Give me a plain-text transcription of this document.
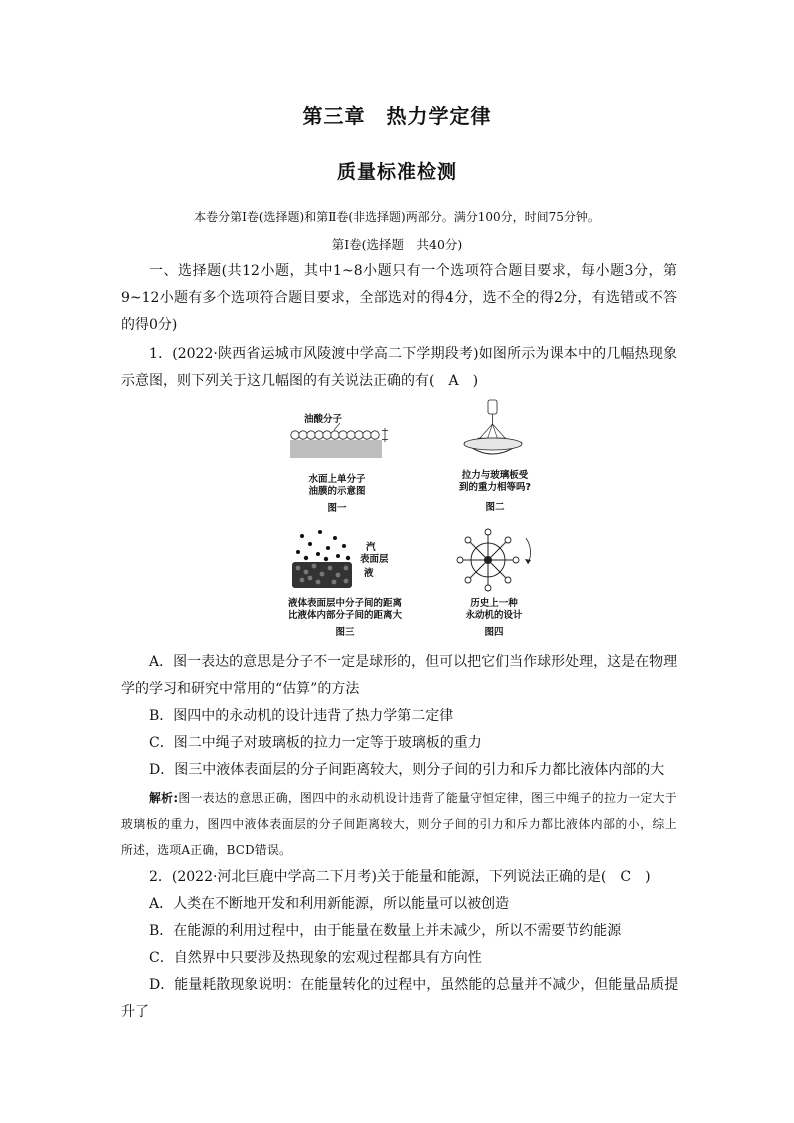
第三章　热力学定律
质量标准检测
本卷分第Ⅰ卷(选择题)和第Ⅱ卷(非选择题)两部分。满分100分，时间75分钟。
第Ⅰ卷(选择题　共40分)
一、选择题(共12小题，其中1~8小题只有一个选项符合题目要求，每小题3分，第9~12小题有多个选项符合题目要求，全部选对的得4分，选不全的得2分，有选错或不答的得0分)
1．(2022·陕西省运城市风陵渡中学高二下学期段考)如图所示为课本中的几幅热现象示意图，则下列关于这几幅图的有关说法正确的有(　A　)
油酸分子
水面上单分子
油膜的示意图
图一
拉力与玻璃板受
到的重力相等吗?
图二
汽
表面层
液
液体表面层中分子间的距离
比液体内部分子间的距离大
图三
历史上一种
永动机的设计
图四
A．图一表达的意思是分子不一定是球形的，但可以把它们当作球形处理，这是在物理
学的学习和研究中常用的“估算”的方法
B．图四中的永动机的设计违背了热力学第二定律
C．图二中绳子对玻璃板的拉力一定等于玻璃板的重力
D．图三中液体表面层的分子间距离较大，则分子间的引力和斥力都比液体内部的大
解析:图一表达的意思正确，图四中的永动机设计违背了能量守恒定律，图三中绳子的拉力一定大于玻璃板的重力，图四中液体表面层的分子间距离较大，则分子间的引力和斥力都比液体内部的小，综上所述，选项A正确，BCD错误。
2．(2022·河北巨鹿中学高二下月考)关于能量和能源，下列说法正确的是(　C　)
A．人类在不断地开发和利用新能源，所以能量可以被创造
B．在能源的利用过程中，由于能量在数量上并未减少，所以不需要节约能源
C．自然界中只要涉及热现象的宏观过程都具有方向性
D．能量耗散现象说明：在能量转化的过程中，虽然能的总量并不减少，但能量品质提
升了
